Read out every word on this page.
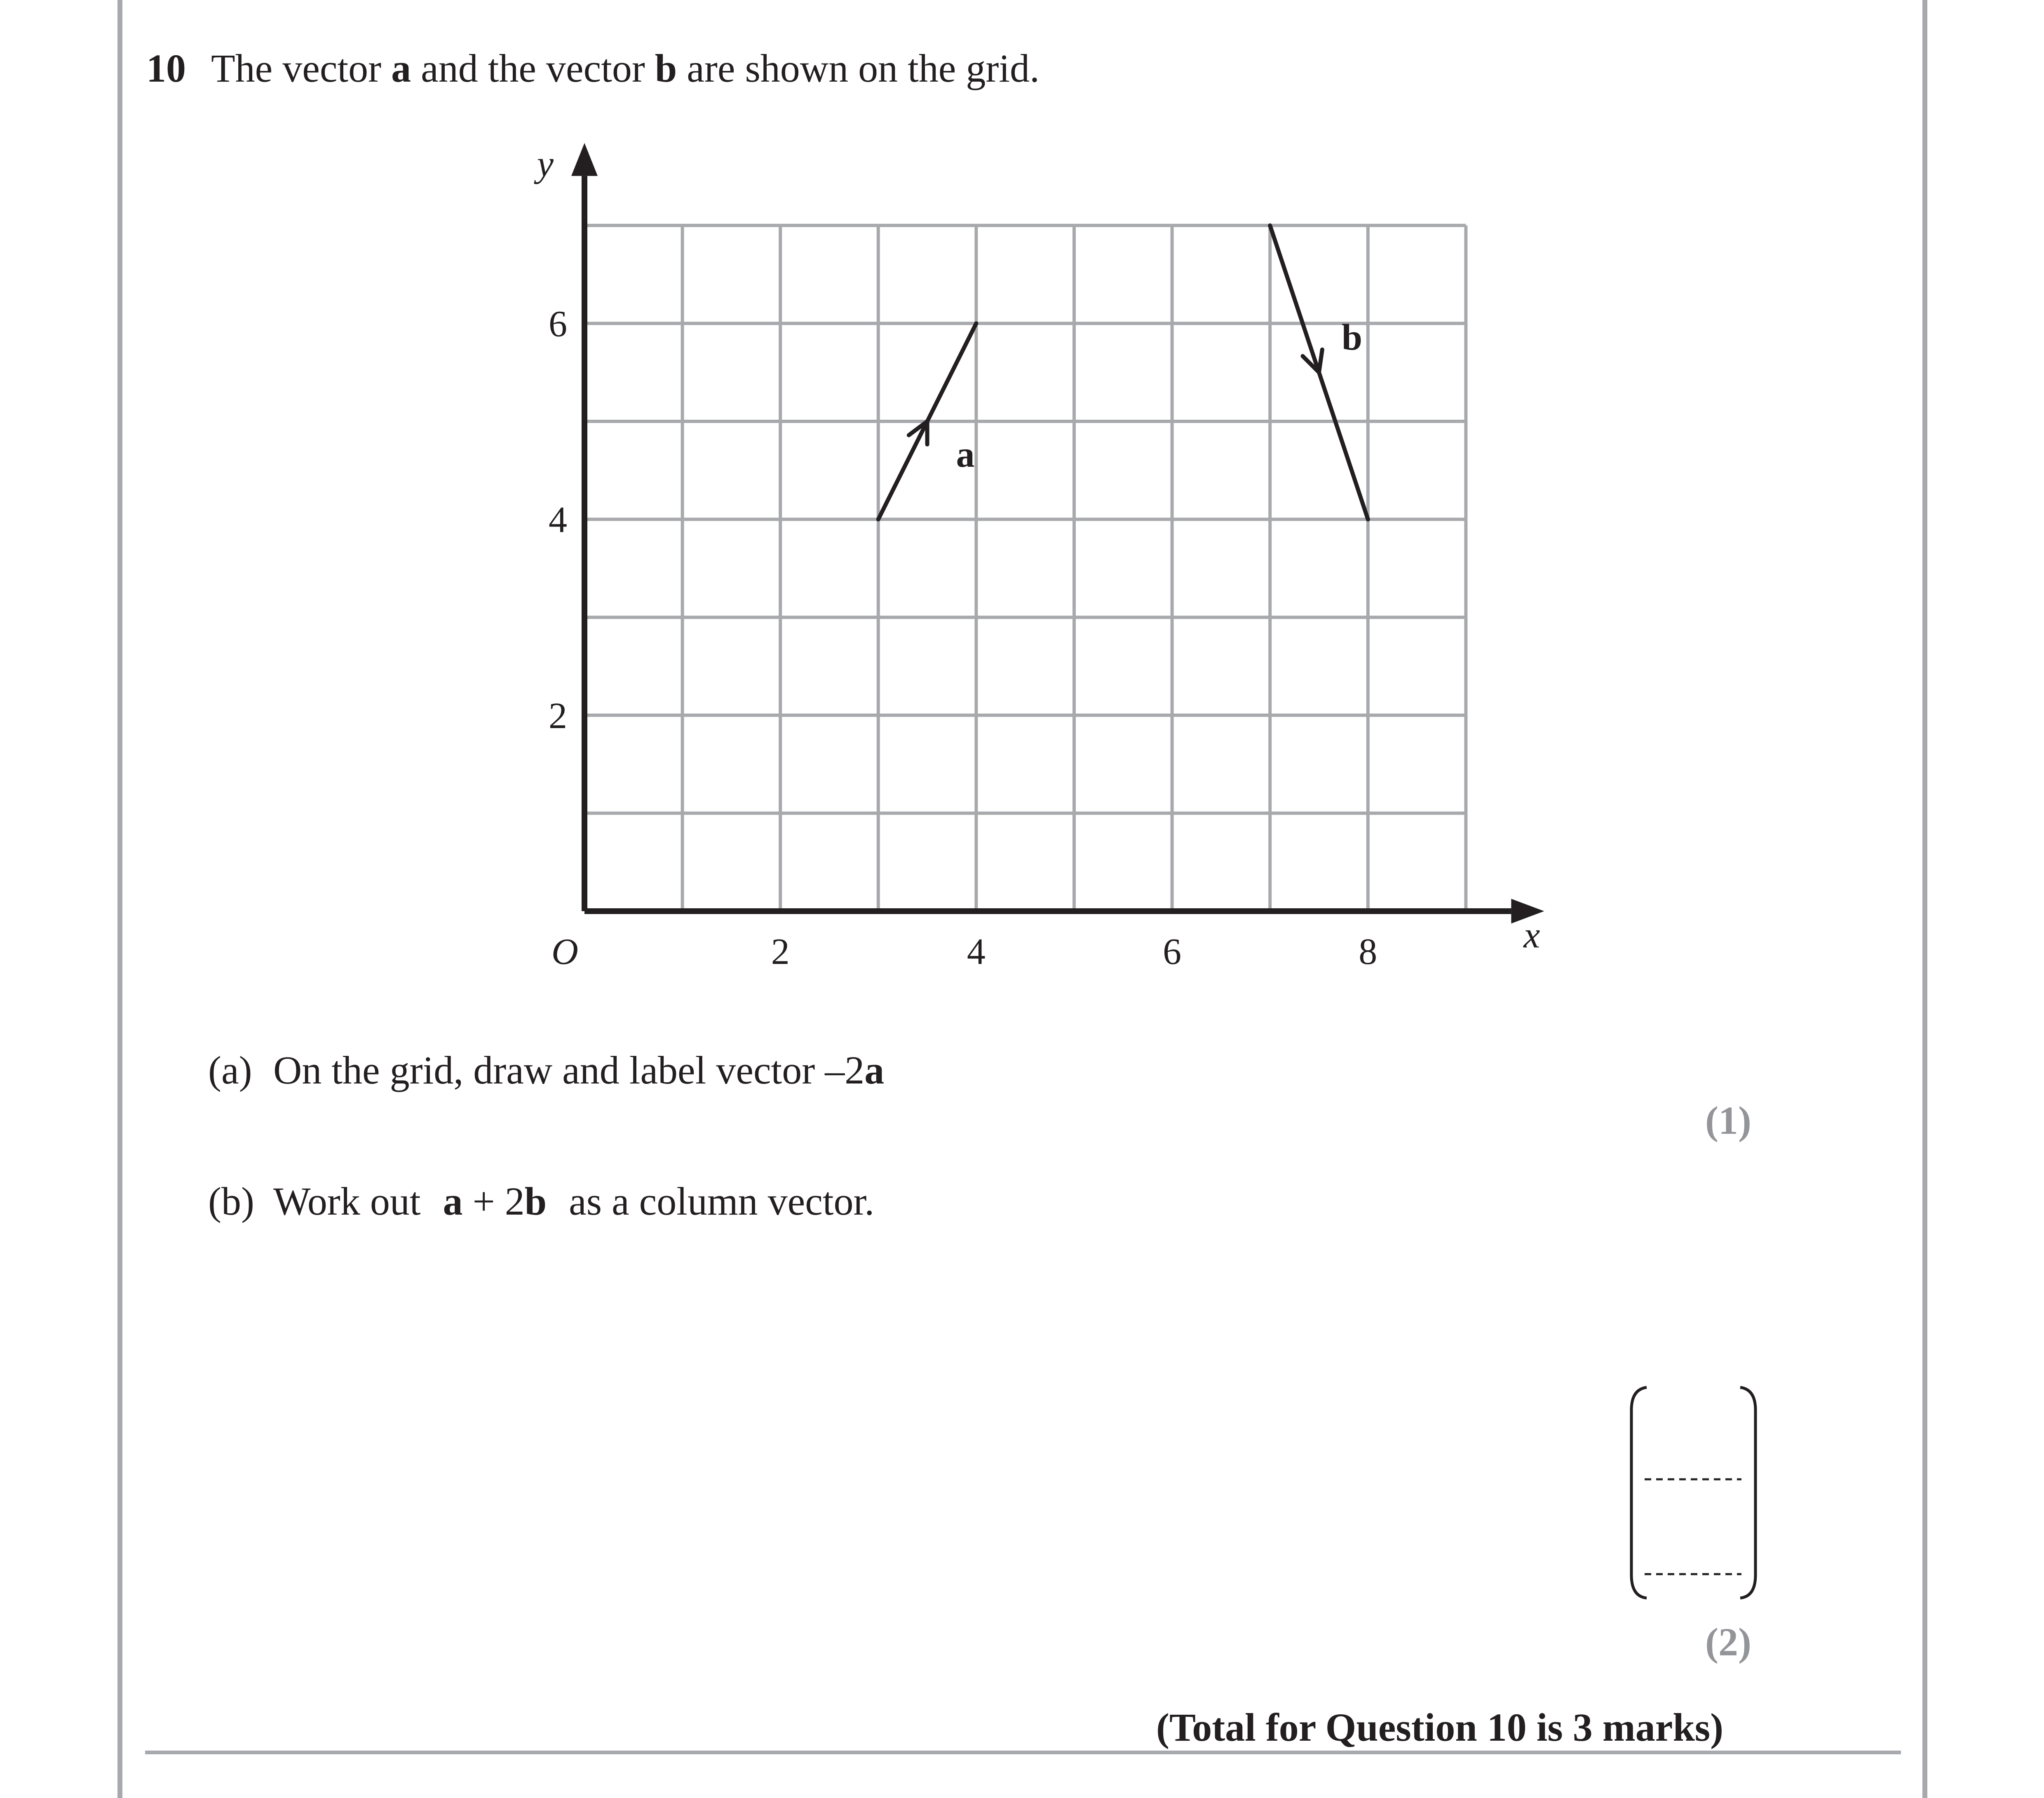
10 The vector a and the vector b are shown on the grid.
2	4	6	8
2
4
6
O	x
y
a
b
(a) On the grid, draw and label vector –2a
(1)
(b) Work out a + 2b as a column vector.
(2)
(Total for Question 10 is 3 marks)
